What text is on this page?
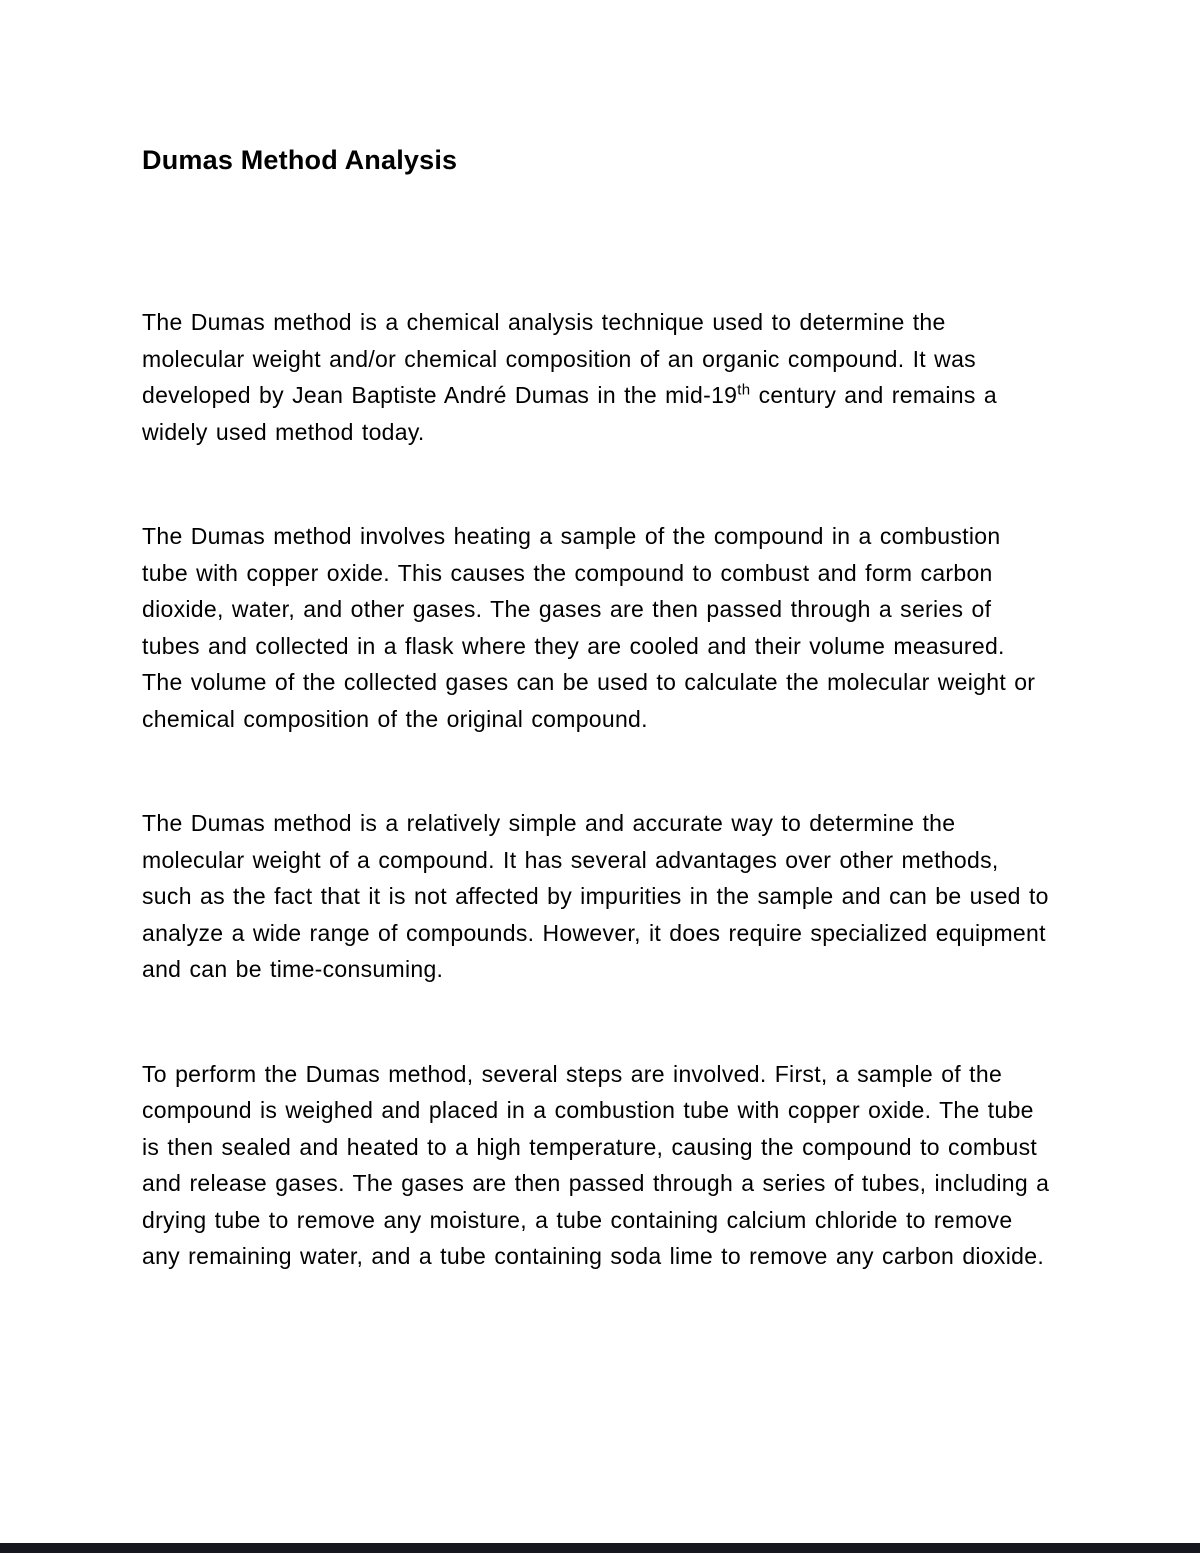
Dumas Method Analysis

The Dumas method is a chemical analysis technique used to determine the molecular weight and/or chemical composition of an organic compound. It was developed by Jean Baptiste André Dumas in the mid-19th century and remains a widely used method today.

The Dumas method involves heating a sample of the compound in a combustion tube with copper oxide. This causes the compound to combust and form carbon dioxide, water, and other gases. The gases are then passed through a series of tubes and collected in a flask where they are cooled and their volume measured. The volume of the collected gases can be used to calculate the molecular weight or chemical composition of the original compound.

The Dumas method is a relatively simple and accurate way to determine the molecular weight of a compound. It has several advantages over other methods, such as the fact that it is not affected by impurities in the sample and can be used to analyze a wide range of compounds. However, it does require specialized equipment and can be time-consuming.

To perform the Dumas method, several steps are involved. First, a sample of the compound is weighed and placed in a combustion tube with copper oxide. The tube is then sealed and heated to a high temperature, causing the compound to combust and release gases. The gases are then passed through a series of tubes, including a drying tube to remove any moisture, a tube containing calcium chloride to remove any remaining water, and a tube containing soda lime to remove any carbon dioxide.
